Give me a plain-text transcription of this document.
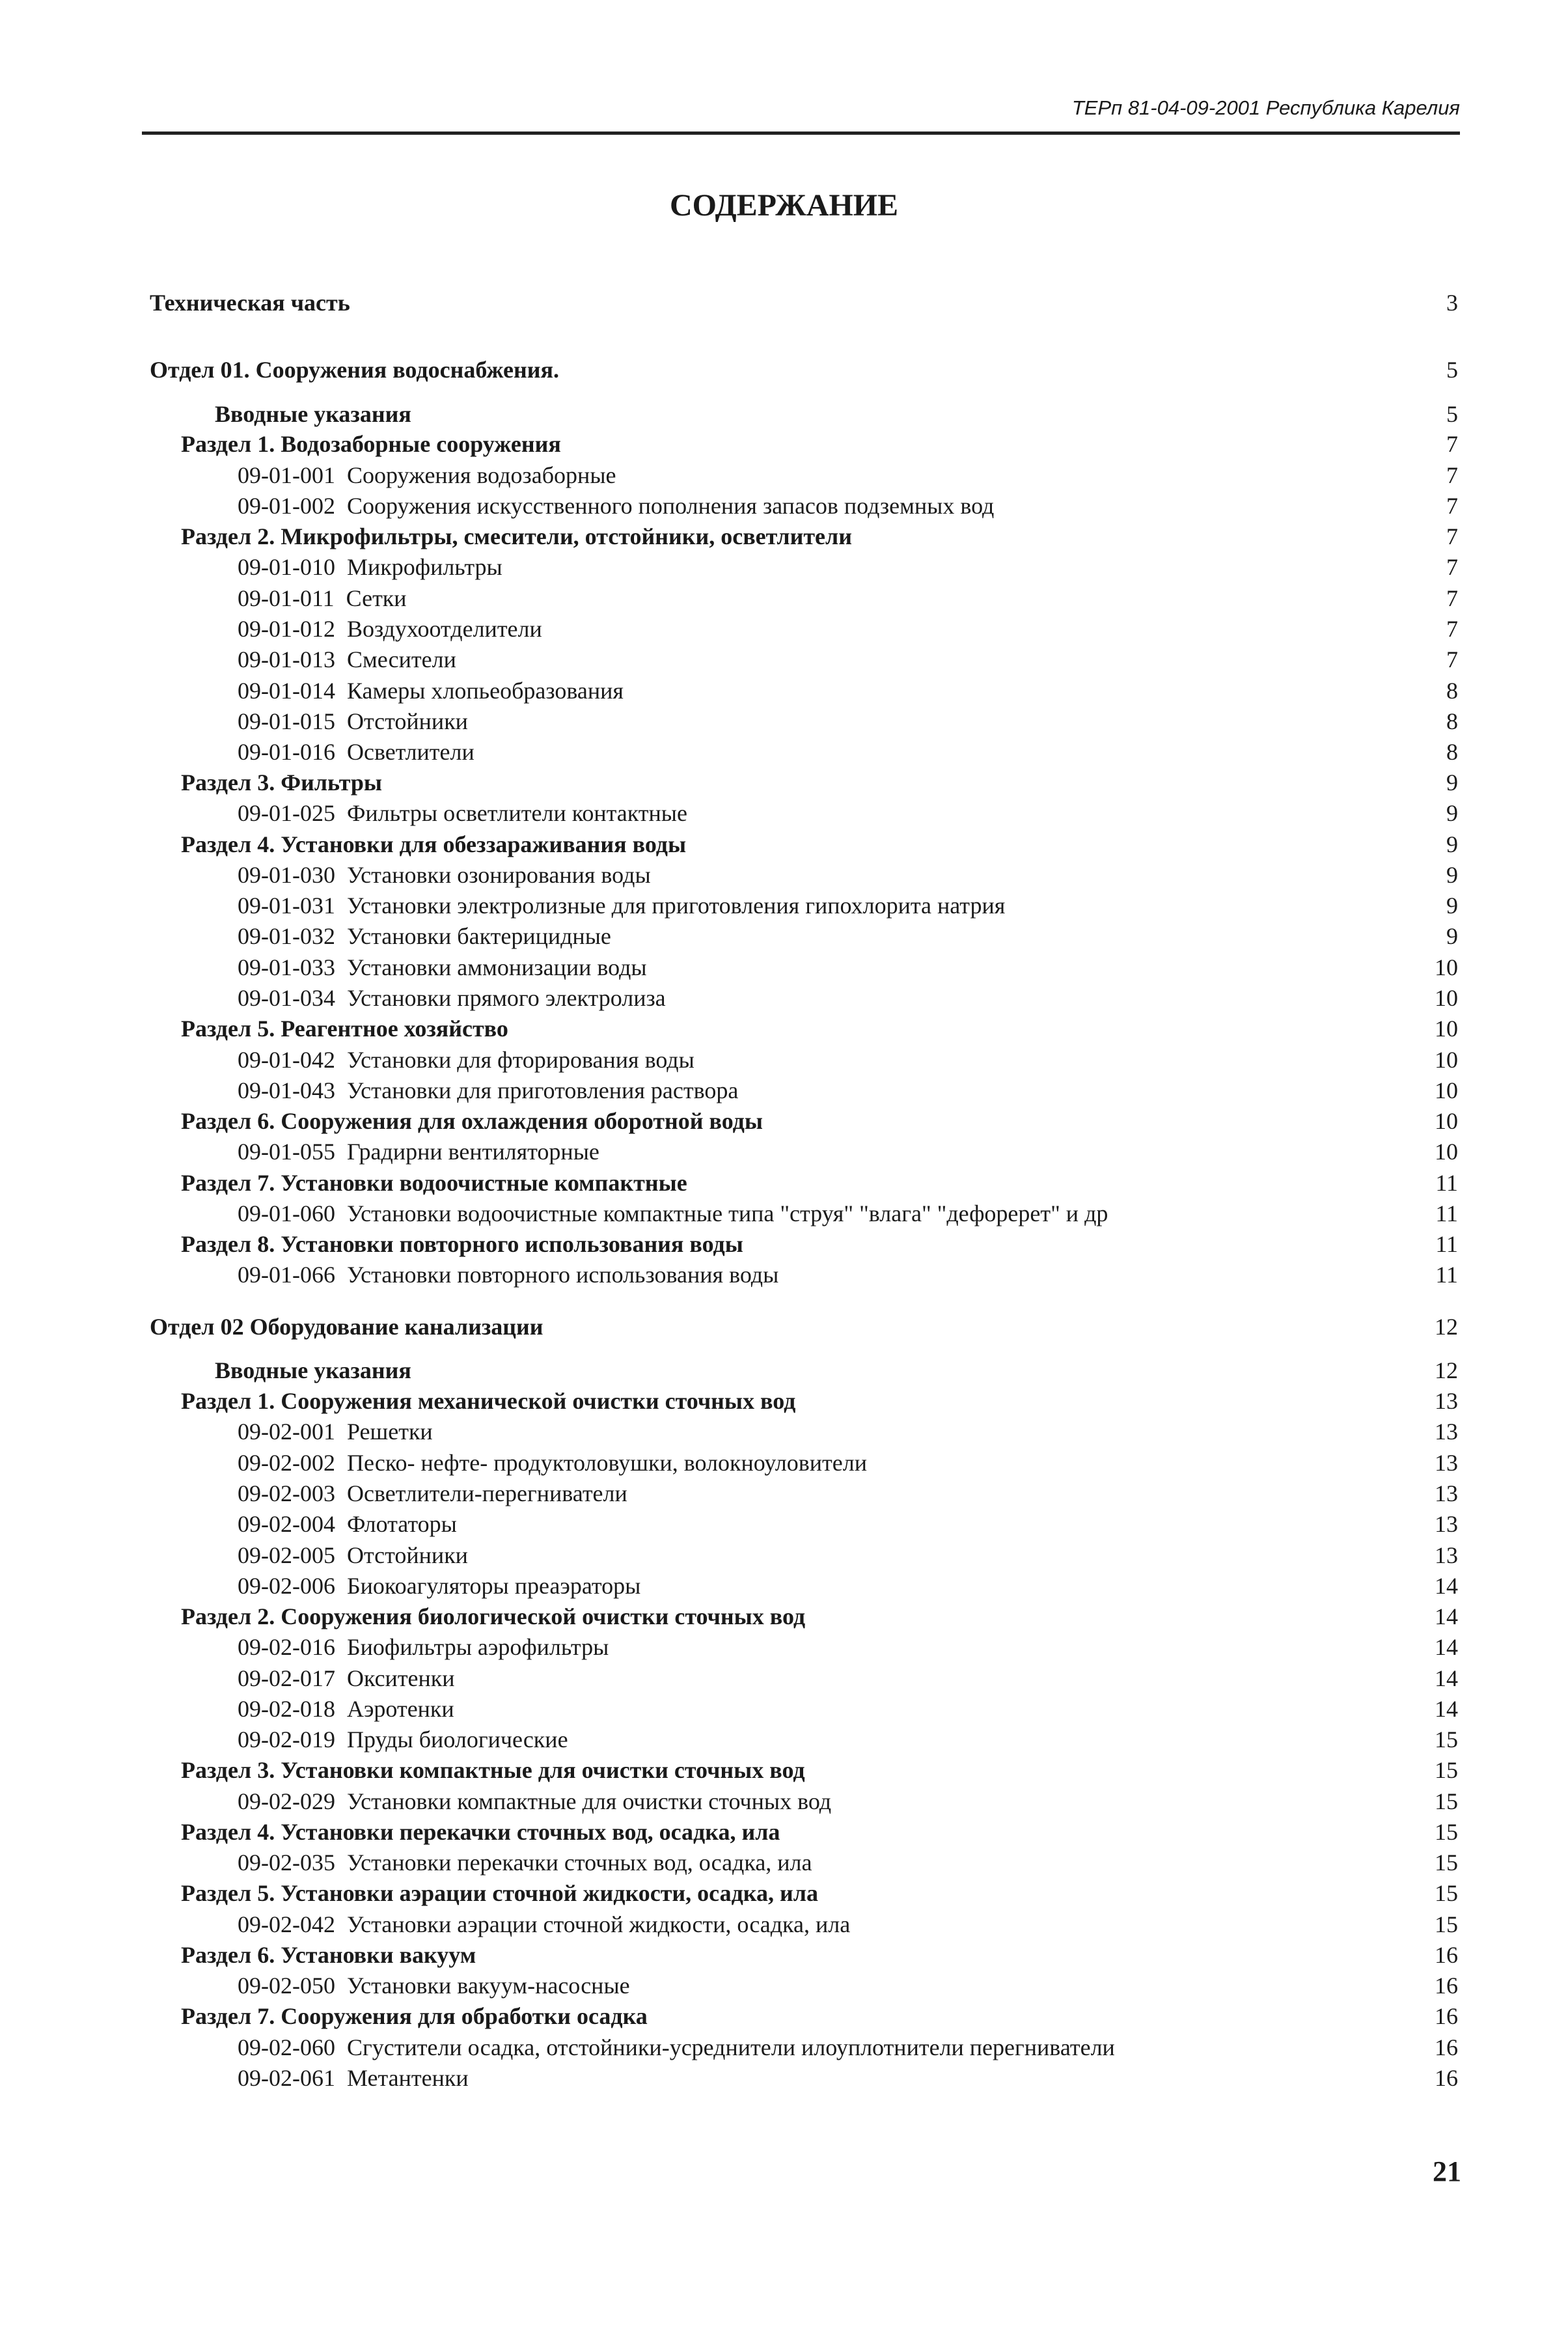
ТЕРп 81-04-09-2001 Республика Карелия
СОДЕРЖАНИЕ
Техническая часть	3
Отдел 01. Сооружения водоснабжения.	5
Вводные указания	5
Раздел 1. Водозаборные сооружения	7
09-01-001 Сооружения водозаборные	7
09-01-002 Сооружения искусственного пополнения запасов подземных вод	7
Раздел 2. Микрофильтры, смесители, отстойники, осветлители	7
09-01-010 Микрофильтры	7
09-01-011 Сетки	7
09-01-012 Воздухоотделители	7
09-01-013 Смесители	7
09-01-014 Камеры хлопьеобразования	8
09-01-015 Отстойники	8
09-01-016 Осветлители	8
Раздел 3. Фильтры	9
09-01-025 Фильтры осветлители контактные	9
Раздел 4. Установки для обеззараживания воды	9
09-01-030 Установки озонирования воды	9
09-01-031 Установки электролизные для приготовления гипохлорита натрия	9
09-01-032 Установки бактерицидные	9
09-01-033 Установки аммонизации воды	10
09-01-034 Установки прямого электролиза	10
Раздел 5. Реагентное хозяйство	10
09-01-042 Установки для фторирования воды	10
09-01-043 Установки для приготовления раствора	10
Раздел 6. Сооружения для охлаждения оборотной воды	10
09-01-055 Градирни вентиляторные	10
Раздел 7. Установки водоочистные компактные	11
09-01-060 Установки водоочистные компактные типа "струя" "влага" "дефоререт" и др	11
Раздел 8. Установки повторного использования воды	11
09-01-066 Установки повторного использования воды	11
Отдел 02 Оборудование канализации	12
Вводные указания	12
Раздел 1. Сооружения механической очистки сточных вод	13
09-02-001 Решетки	13
09-02-002 Песко- нефте- продуктоловушки, волокноуловители	13
09-02-003 Осветлители-перегниватели	13
09-02-004 Флотаторы	13
09-02-005 Отстойники	13
09-02-006 Биокоагуляторы преаэраторы	14
Раздел 2. Сооружения биологической очистки сточных вод	14
09-02-016 Биофильтры аэрофильтры	14
09-02-017 Окситенки	14
09-02-018 Аэротенки	14
09-02-019 Пруды биологические	15
Раздел 3. Установки компактные для очистки сточных вод	15
09-02-029 Установки компактные для очистки сточных вод	15
Раздел 4. Установки перекачки сточных вод, осадка, ила	15
09-02-035 Установки перекачки сточных вод, осадка, ила	15
Раздел 5. Установки аэрации сточной жидкости, осадка, ила	15
09-02-042 Установки аэрации сточной жидкости, осадка, ила	15
Раздел 6. Установки вакуум	16
09-02-050 Установки вакуум-насосные	16
Раздел 7. Сооружения для обработки осадка	16
09-02-060 Сгустители осадка, отстойники-усреднители илоуплотнители перегниватели	16
09-02-061 Метантенки	16
21
